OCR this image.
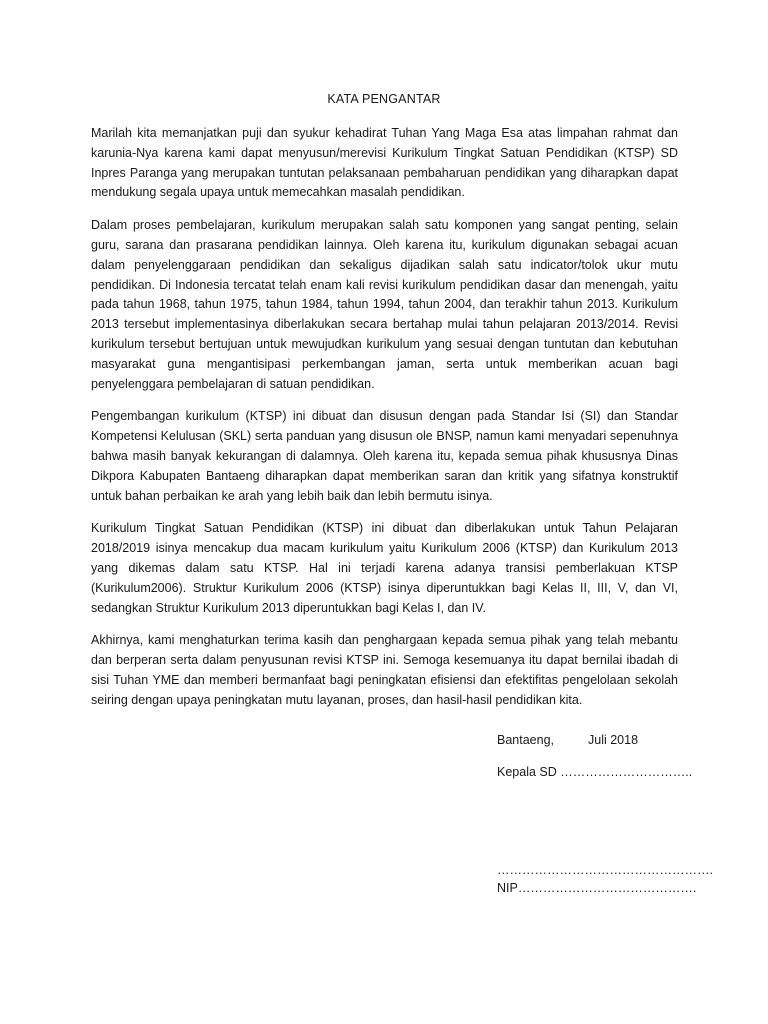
KATA PENGANTAR

Marilah kita memanjatkan puji dan syukur kehadirat Tuhan Yang Maga Esa atas limpahan rahmat dan karunia-Nya karena kami dapat menyusun/merevisi Kurikulum Tingkat Satuan Pendidikan (KTSP) SD Inpres Paranga yang merupakan tuntutan pelaksanaan pembaharuan pendidikan yang diharapkan dapat mendukung segala upaya untuk memecahkan masalah pendidikan.

Dalam proses pembelajaran, kurikulum merupakan salah satu komponen yang sangat penting, selain guru, sarana dan prasarana pendidikan lainnya. Oleh karena itu, kurikulum digunakan sebagai acuan dalam penyelenggaraan pendidikan dan sekaligus dijadikan salah satu indicator/tolok ukur mutu pendidikan. Di Indonesia tercatat telah enam kali revisi kurikulum pendidikan dasar dan menengah, yaitu pada tahun 1968, tahun 1975, tahun 1984, tahun 1994, tahun 2004, dan terakhir tahun 2013. Kurikulum 2013 tersebut implementasinya diberlakukan secara bertahap mulai tahun pelajaran 2013/2014. Revisi kurikulum tersebut bertujuan untuk mewujudkan kurikulum yang sesuai dengan tuntutan dan kebutuhan masyarakat guna mengantisipasi perkembangan jaman, serta untuk memberikan acuan bagi penyelenggara pembelajaran di satuan pendidikan.

Pengembangan kurikulum (KTSP) ini dibuat dan disusun dengan pada Standar Isi (SI) dan Standar Kompetensi Kelulusan (SKL) serta panduan yang disusun ole BNSP, namun kami menyadari sepenuhnya bahwa masih banyak kekurangan di dalamnya. Oleh karena itu, kepada semua pihak khususnya Dinas Dikpora Kabupaten Bantaeng diharapkan dapat memberikan saran dan kritik yang sifatnya konstruktif untuk bahan perbaikan ke arah yang lebih baik dan lebih bermutu isinya.

Kurikulum Tingkat Satuan Pendidikan (KTSP) ini dibuat dan diberlakukan untuk Tahun Pelajaran 2018/2019 isinya mencakup dua macam kurikulum yaitu Kurikulum 2006 (KTSP) dan Kurikulum 2013 yang dikemas dalam satu KTSP. Hal ini terjadi karena adanya transisi pemberlakuan KTSP (Kurikulum2006). Struktur Kurikulum 2006 (KTSP) isinya diperuntukkan bagi Kelas II, III, V, dan VI, sedangkan Struktur Kurikulum 2013 diperuntukkan bagi Kelas I, dan IV.

Akhirnya, kami menghaturkan terima kasih dan penghargaan kepada semua pihak yang telah mebantu dan berperan serta dalam penyusunan revisi KTSP ini. Semoga kesemuanya itu dapat bernilai ibadah di sisi Tuhan YME dan memberi bermanfaat bagi peningkatan efisiensi dan efektifitas pengelolaan sekolah seiring dengan upaya peningkatan mutu layanan, proses, dan hasil-hasil pendidikan kita.

Bantaeng,	Juli 2018
Kepala SD …………………………..
…………………………………………….
NIP…………………………………….
